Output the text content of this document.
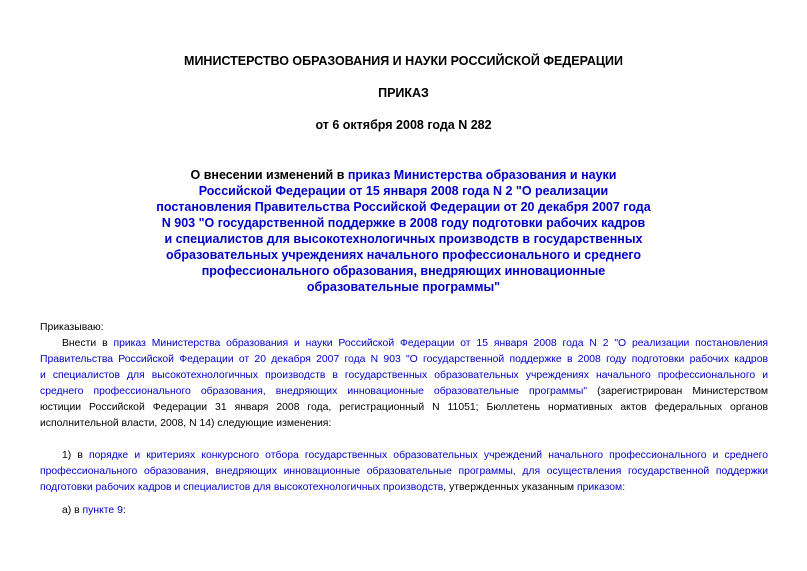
МИНИСТЕРСТВО ОБРАЗОВАНИЯ И НАУКИ РОССИЙСКОЙ ФЕДЕРАЦИИ
ПРИКАЗ
от 6 октября 2008 года N 282
О внесении изменений в приказ Министерства образования и науки
Российской Федерации от 15 января 2008 года N 2 "О реализации
постановления Правительства Российской Федерации от 20 декабря 2007 года
N 903 "О государственной поддержке в 2008 году подготовки рабочих кадров
и специалистов для высокотехнологичных производств в государственных
образовательных учреждениях начального профессионального и среднего
профессионального образования, внедряющих инновационные
образовательные программы"
Приказываю:
Внести в приказ Министерства образования и науки Российской Федерации от 15 января 2008 года N 2 "О реализации постановления
Правительства Российской Федерации от 20 декабря 2007 года N 903 "О государственной поддержке в 2008 году подготовки рабочих кадров
и специалистов для высокотехнологичных производств в государственных образовательных учреждениях начального профессионального и
среднего профессионального образования, внедряющих инновационные образовательные программы" (зарегистрирован Министерством
юстиции Российской Федерации 31 января 2008 года, регистрационный N 11051; Бюллетень нормативных актов федеральных органов
исполнительной власти, 2008, N 14) следующие изменения:
1) в порядке и критериях конкурсного отбора государственных образовательных учреждений начального профессионального и среднего
профессионального образования, внедряющих инновационные образовательные программы, для осуществления государственной поддержки
подготовки рабочих кадров и специалистов для высокотехнологичных производств, утвержденных указанным приказом:
а) в пункте 9:
